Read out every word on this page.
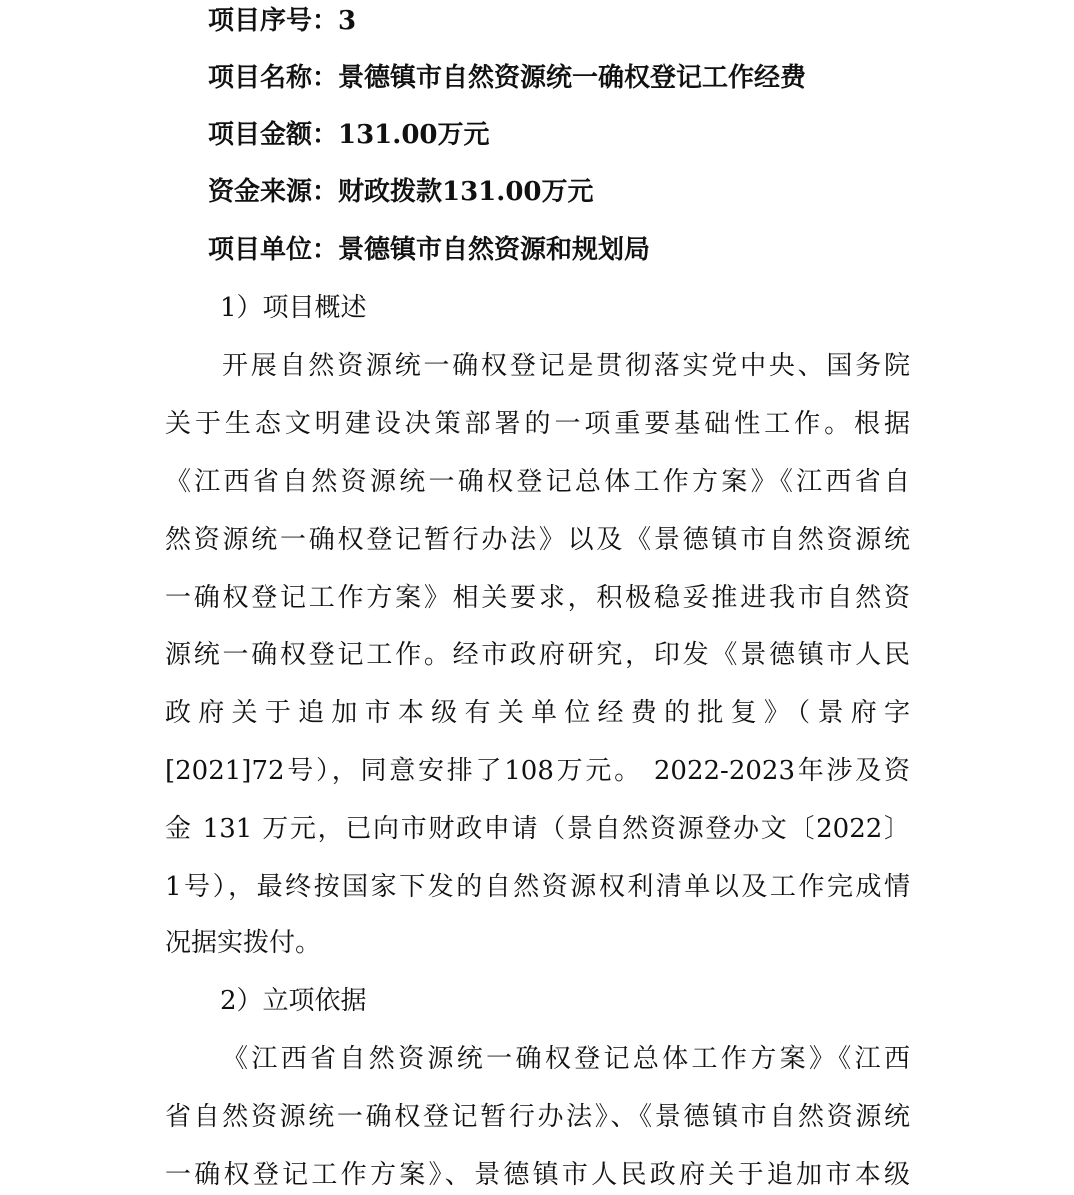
项目序号：3
项目名称：景德镇市自然资源统一确权登记工作经费
项目金额：131.00万元
资金来源：财政拨款131.00万元
项目单位：景德镇市自然资源和规划局
1）项目概述
开展自然资源统一确权登记是贯彻落实党中央、国务院
关于生态文明建设决策部署的一项重要基础性工作。根据
《江西省自然资源统一确权登记总体工作方案》《江西省自
然资源统一确权登记暂行办法》以及《景德镇市自然资源统
一确权登记工作方案》相关要求，积极稳妥推进我市自然资
源统一确权登记工作。经市政府研究，印发《景德镇市人民
政府关于追加市本级有关单位经费的批复》（景府字
[2021]72号），同意安排了108万元。 2022-2023年涉及资
金 131 万元，已向市财政申请（景自然资源登办文〔2022〕
1号），最终按国家下发的自然资源权利清单以及工作完成情
况据实拨付。
2）立项依据
《江西省自然资源统一确权登记总体工作方案》《江西
省自然资源统一确权登记暂行办法》、《景德镇市自然资源统
一确权登记工作方案》、景德镇市人民政府关于追加市本级
